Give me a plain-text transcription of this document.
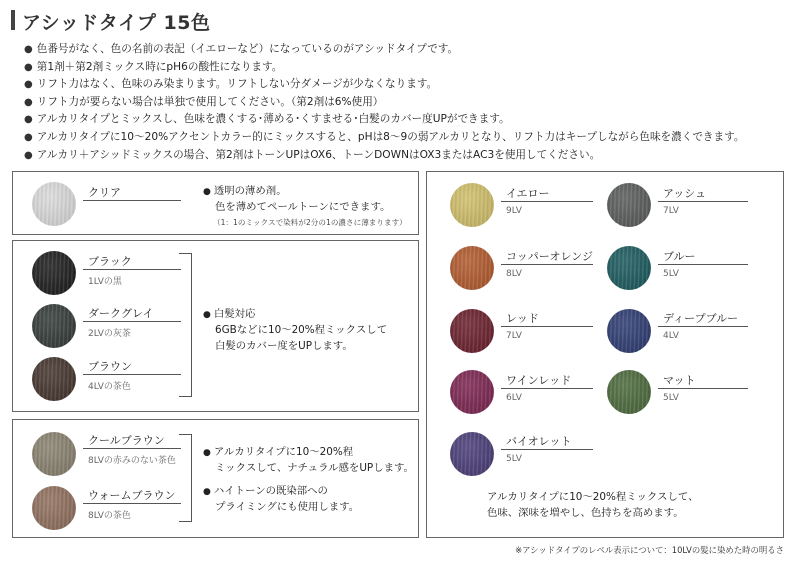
アシッドタイプ 15色
● 色番号がなく、色の名前の表記（イエローなど）になっているのがアシッドタイプです。
● 第1剤＋第2剤ミックス時にpH6の酸性になります。
● リフト力はなく、色味のみ染まります。リフトしない分ダメージが少なくなります。
● リフト力が要らない場合は単独で使用してください。（第2剤は6%使用）
● アルカリタイプとミックスし、色味を濃くする･薄める･くすませる･白髪のカバー度UPができます。
● アルカリタイプに10～20%アクセントカラー的にミックスすると、pHは8～9の弱アルカリとなり、リフト力はキープしながら色味を濃くできます。
● アルカリ＋アシッドミックスの場合、第2剤はトーンUPはOX6、トーンDOWNはOX3またはAC3を使用してください。
クリア
●	透明の薄め剤。
色を薄めてペールトーンにできます。
（1：1のミックスで染料が2分の1の濃さに薄まります）
ブラック
1LVの黒
ダークグレイ
2LVの灰茶
ブラウン
4LVの茶色
● 白髪対応
6GBなどに10～20%程ミックスして
白髪のカバー度をUPします。
クールブラウン
8LVの赤みのない茶色
ウォームブラウン
8LVの茶色
● アルカリタイプに10～20%程
ミックスして、ナチュラル感をUPします。
● ハイトーンの既染部への
プライミングにも使用します。
イエロー
9LV
コッパーオレンジ
8LV
レッド
7LV
ワインレッド
6LV
バイオレット
5LV
アッシュ
7LV
ブルー
5LV
ディープブルー
4LV
マット
5LV
アルカリタイプに10～20%程ミックスして、
色味、深味を増やし、色持ちを高めます。
※アシッドタイプのレベル表示について：10LVの髪に染めた時の明るさ
